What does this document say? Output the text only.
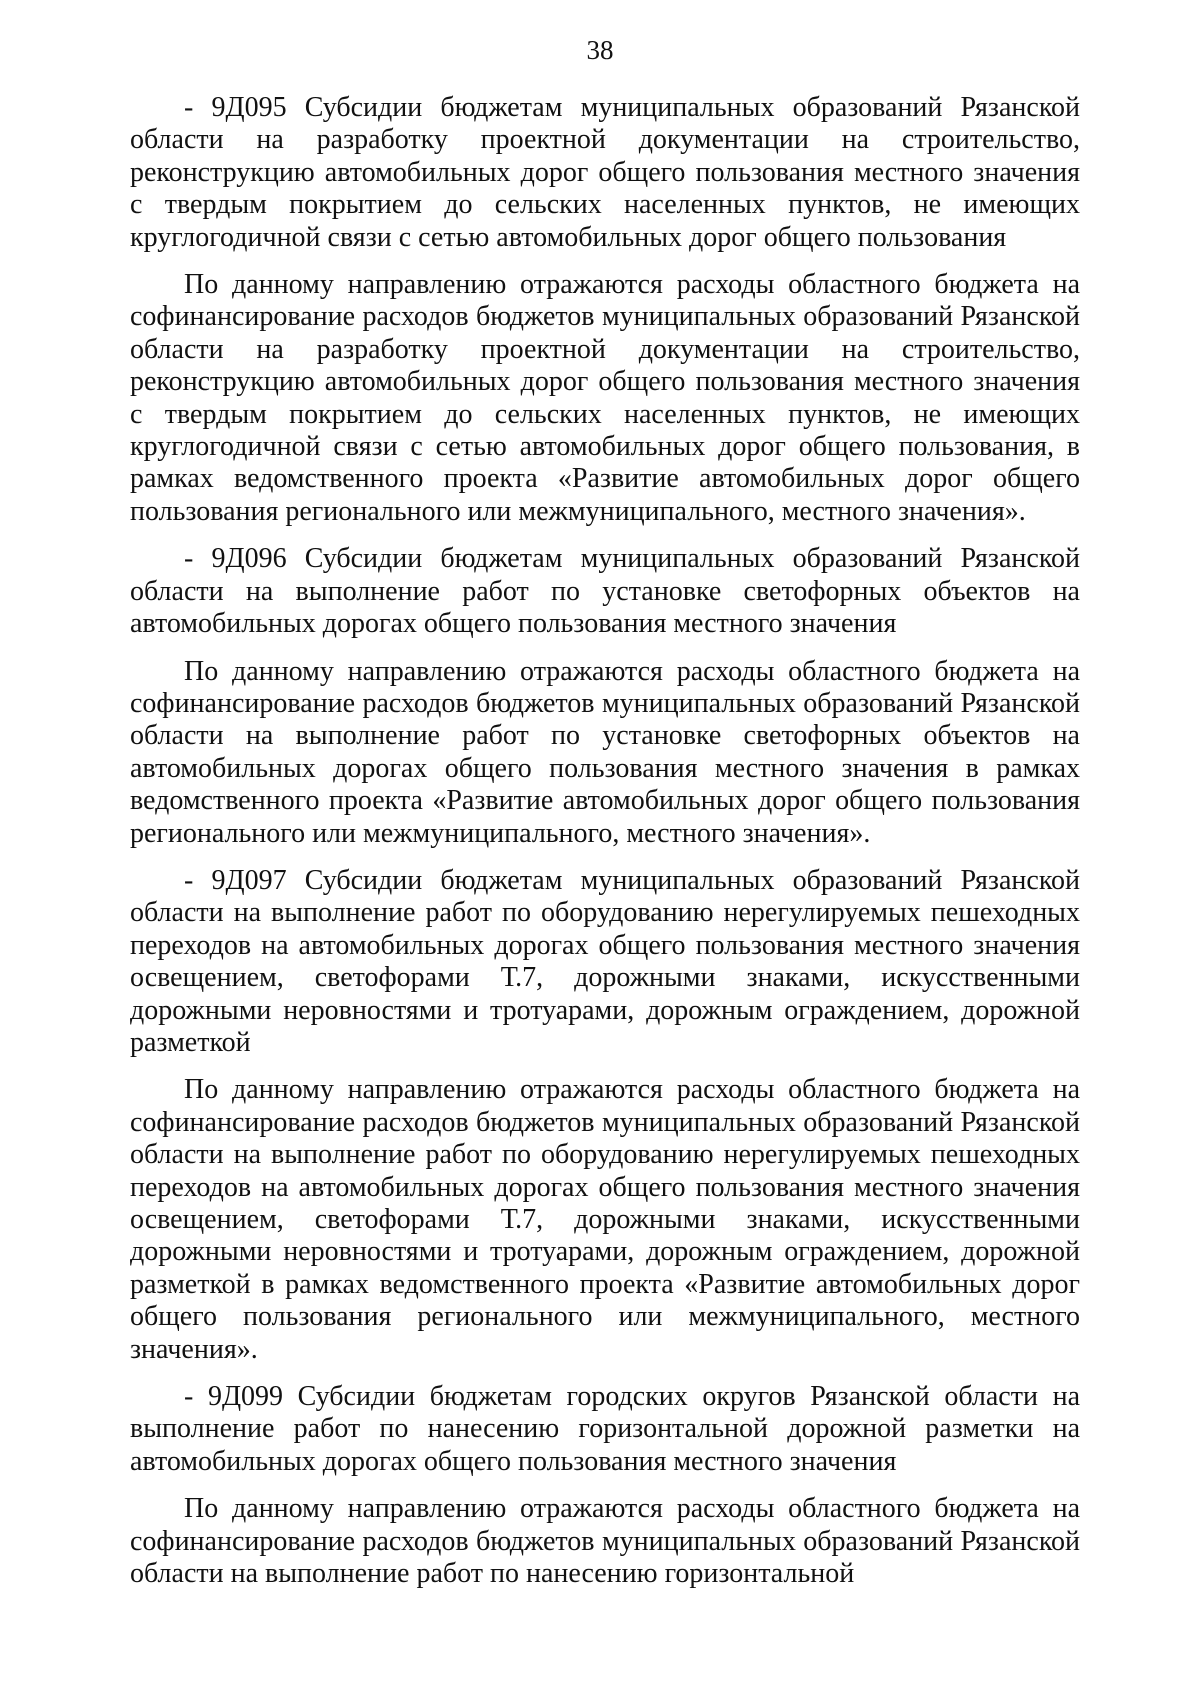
38

- 9Д095 Субсидии бюджетам муниципальных образований Рязанской области на разработку проектной документации на строительство, реконструкцию автомобильных дорог общего пользования местного значения с твердым покрытием до сельских населенных пунктов, не имеющих круглогодичной связи с сетью автомобильных дорог общего пользования

По данному направлению отражаются расходы областного бюджета на софинансирование расходов бюджетов муниципальных образований Рязанской области на разработку проектной документации на строительство, реконструкцию автомобильных дорог общего пользования местного значения с твердым покрытием до сельских населенных пунктов, не имеющих круглогодичной связи с сетью автомобильных дорог общего пользования, в рамках ведомственного проекта «Развитие автомобильных дорог общего пользования регионального или межмуниципального, местного значения».

- 9Д096 Субсидии бюджетам муниципальных образований Рязанской области на выполнение работ по установке светофорных объектов на автомобильных дорогах общего пользования местного значения

По данному направлению отражаются расходы областного бюджета на софинансирование расходов бюджетов муниципальных образований Рязанской области на выполнение работ по установке светофорных объектов на автомобильных дорогах общего пользования местного значения в рамках ведомственного проекта «Развитие автомобильных дорог общего пользования регионального или межмуниципального, местного значения».

- 9Д097 Субсидии бюджетам муниципальных образований Рязанской области на выполнение работ по оборудованию нерегулируемых пешеходных переходов на автомобильных дорогах общего пользования местного значения освещением, светофорами Т.7, дорожными знаками, искусственными дорожными неровностями и тротуарами, дорожным ограждением, дорожной разметкой

По данному направлению отражаются расходы областного бюджета на софинансирование расходов бюджетов муниципальных образований Рязанской области на выполнение работ по оборудованию нерегулируемых пешеходных переходов на автомобильных дорогах общего пользования местного значения освещением, светофорами Т.7, дорожными знаками, искусственными дорожными неровностями и тротуарами, дорожным ограждением, дорожной разметкой в рамках ведомственного проекта «Развитие автомобильных дорог общего пользования регионального или межмуниципального, местного значения».

- 9Д099 Субсидии бюджетам городских округов Рязанской области на выполнение работ по нанесению горизонтальной дорожной разметки на автомобильных дорогах общего пользования местного значения

По данному направлению отражаются расходы областного бюджета на софинансирование расходов бюджетов муниципальных образований Рязанской области на выполнение работ по нанесению горизонтальной
